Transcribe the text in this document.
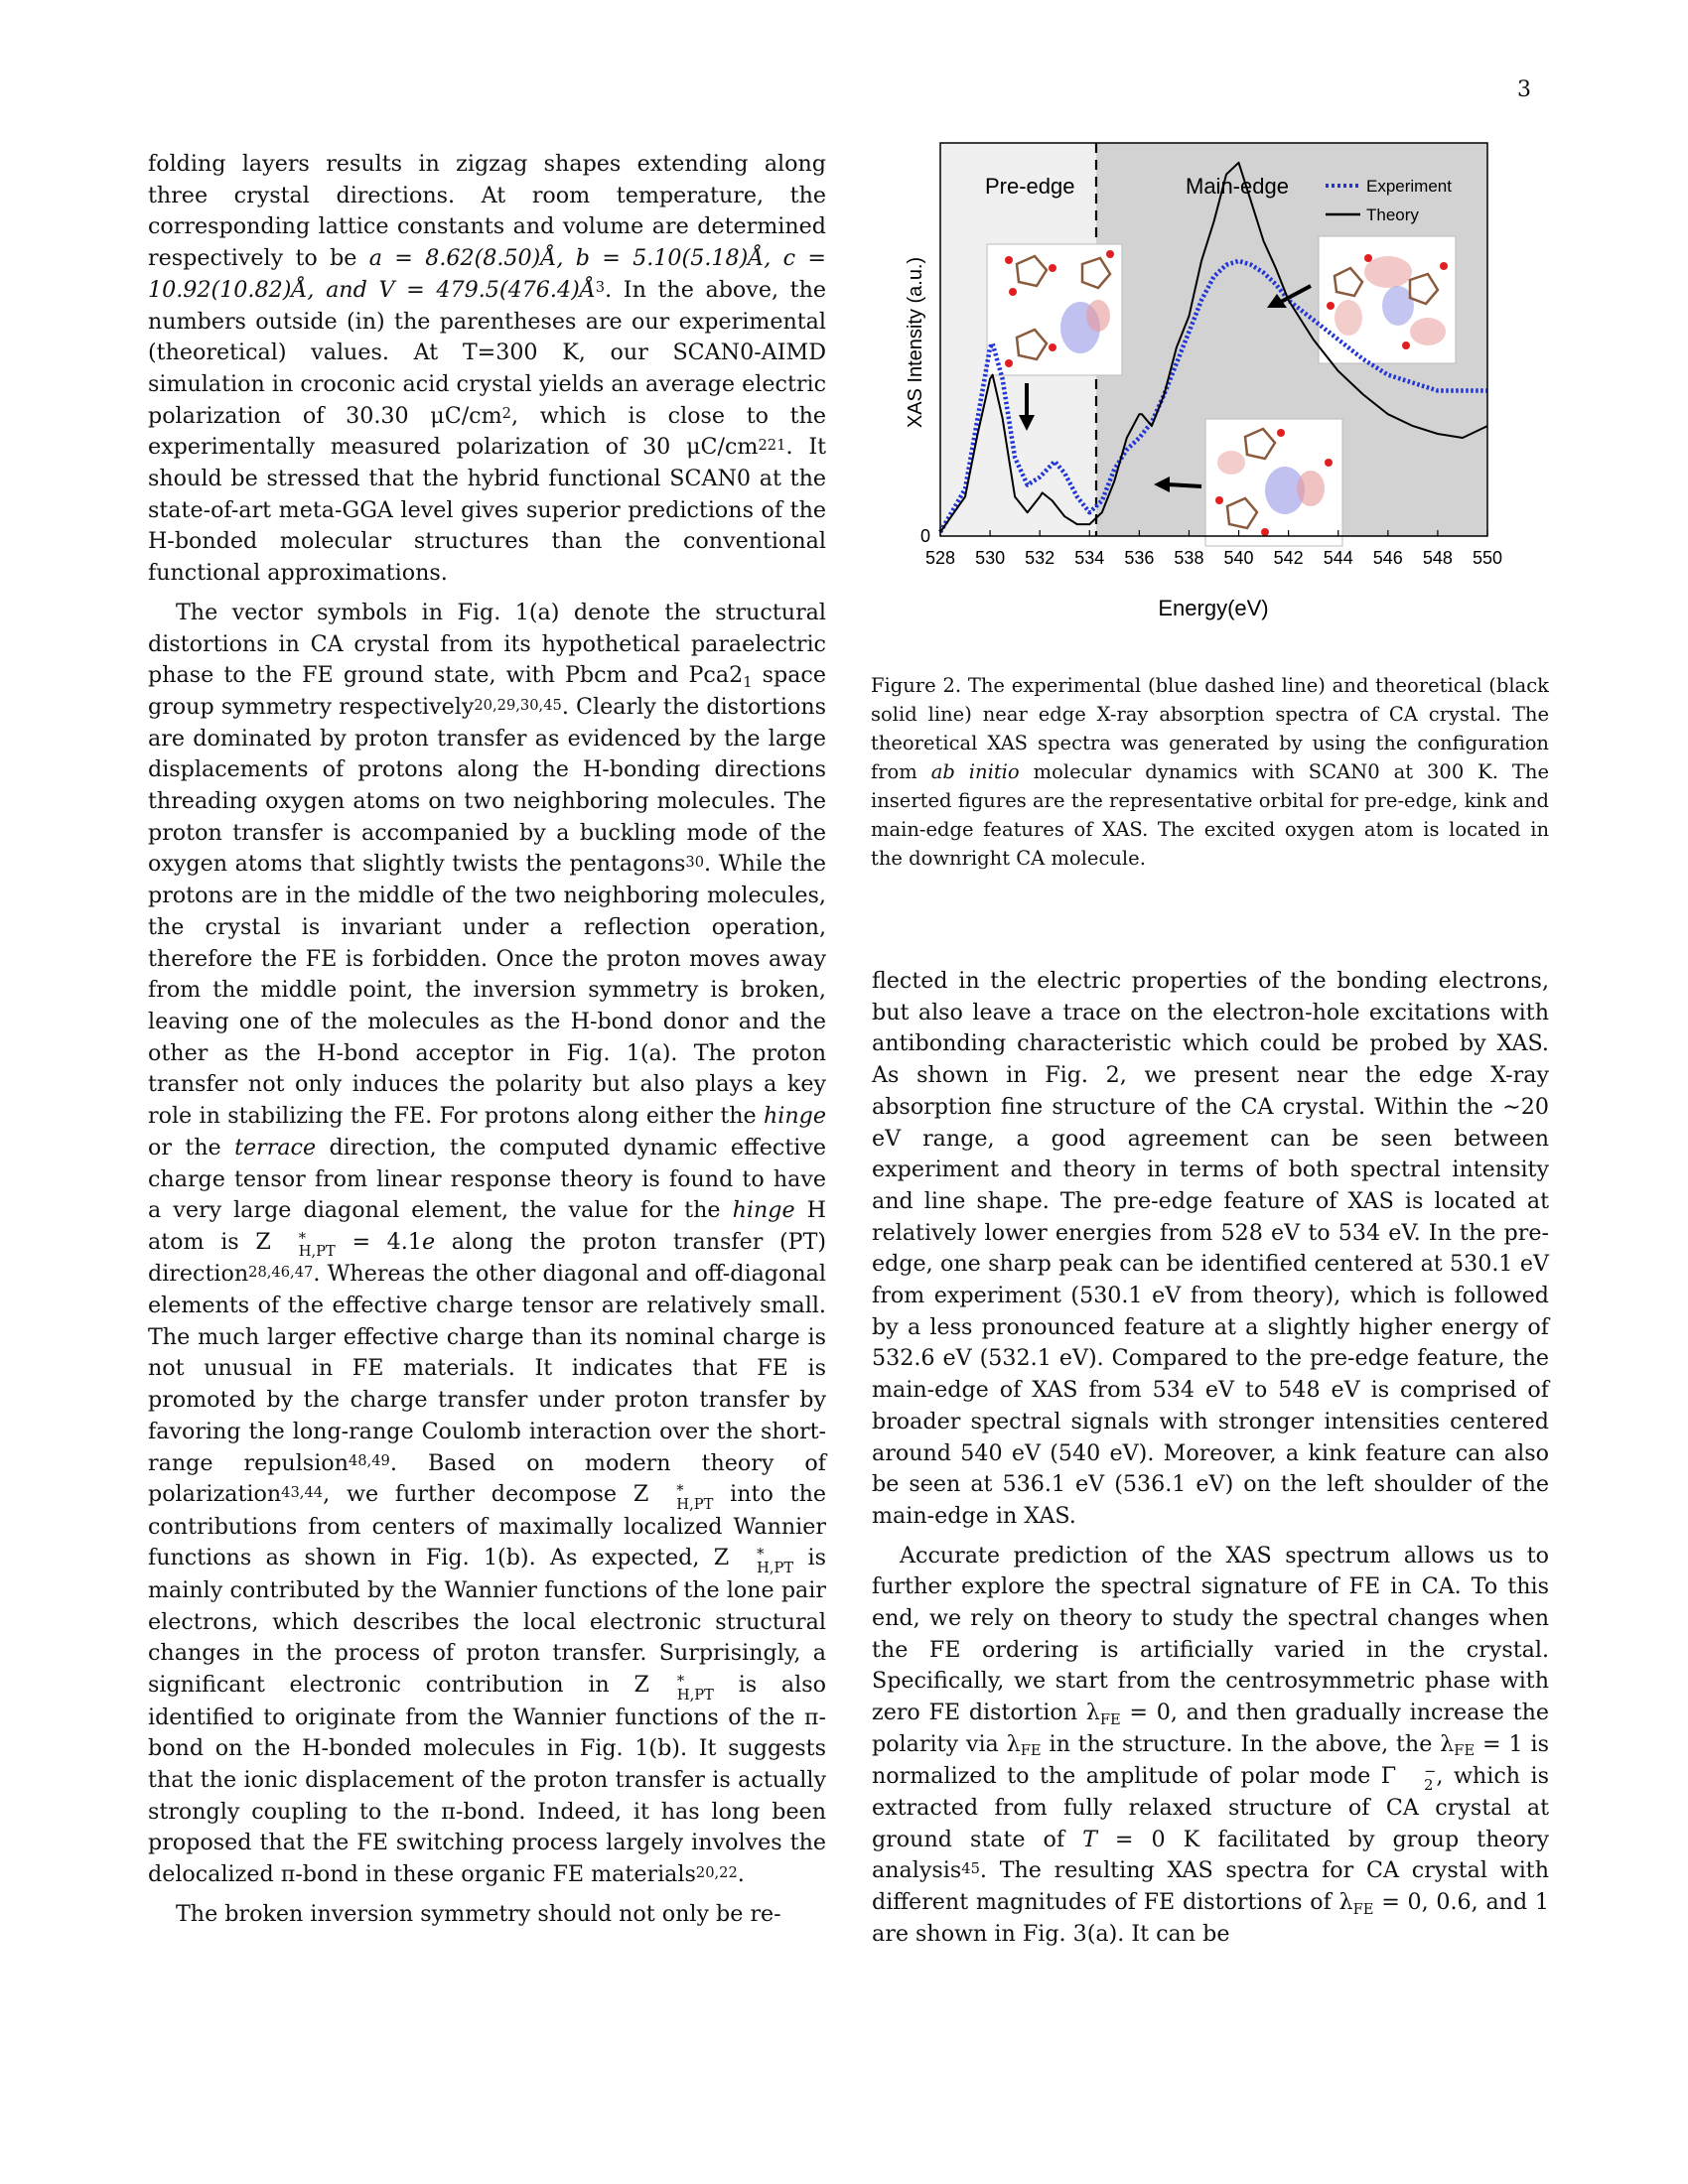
3

folding layers results in zigzag shapes extending along three crystal directions. At room temperature, the corresponding lattice constants and volume are determined respectively to be a = 8.62(8.50)Å, b = 5.10(5.18)Å, c = 10.92(10.82)Å, and $V = 479.5(476.4)Å^3$. In the above, the numbers outside (in) the parentheses are our experimental (theoretical) values. At T=300 K, our SCAN0-AIMD simulation in croconic acid crystal yields an average electric polarization of 30.30 $\mu C/cm^2$, which is close to the experimentally measured polarization of 30 $\mu C/cm^{221}$. It should be stressed that the hybrid functional SCAN0 at the state-of-art meta-GGA level gives superior predictions of the H-bonded molecular structures than the conventional functional approximations.

The vector symbols in Fig. 1(a) denote the structural distortions in CA crystal from its hypothetical paraelectric phase to the FE ground state, with Pbcm and $Pca2_1$ space group symmetry respectively$^{20,29,30,45}$. Clearly the distortions are dominated by proton transfer as evidenced by the large displacements of protons along the H-bonding directions threading oxygen atoms on two neighboring molecules. The proton transfer is accompanied by a buckling mode of the oxygen atoms that slightly twists the pentagons$^{30}$. While the protons are in the middle of the two neighboring molecules, the crystal is invariant under a reflection operation, therefore the FE is forbidden. Once the proton moves away from the middle point, the inversion symmetry is broken, leaving one of the molecules as the H-bond donor and the other as the H-bond acceptor in Fig. 1(a). The proton transfer not only induces the polarity but also plays a key role in stabilizing the FE. For protons along either the hinge or the terrace direction, the computed dynamic effective charge tensor from linear response theory is found to have a very large diagonal element, the value for the hinge H atom is Z	*
H,PT = 4.1e along the proton transfer (PT) direction$^{28,46,47}$. Whereas the other diagonal and off-diagonal elements of the effective charge tensor are relatively small. The much larger effective charge than its nominal charge is not unusual in FE materials. It indicates that FE is promoted by the charge transfer under proton transfer by favoring the long-range Coulomb interaction over the short-range repulsion$^{48,49}$. Based on modern theory of polarization$^{43,44}$, we further decompose Z	*
H,PT into the contributions from centers of maximally localized Wannier functions as shown in Fig. 1(b). As expected, Z	*
H,PT is mainly contributed by the Wannier functions of the lone pair electrons, which describes the local electronic structural changes in the process of proton transfer. Surprisingly, a significant electronic contribution in Z	*
H,PT is also identified to originate from the Wannier functions of the π-bond on the H-bonded molecules in Fig. 1(b). It suggests that the ionic displacement of the proton transfer is actually strongly coupling to the π-bond. Indeed, it has long been proposed that the FE switching process largely involves the delocalized π-bond in these organic FE materials$^{20,22}$.

The broken inversion symmetry should not only be re-

Pre-edge	Main-edge	Experiment
Theory
528 530 532 534 536 538 540 542 544 546 548 550
0
Energy(eV)
XAS Intensity (a.u.)
Figure 2. The experimental (blue dashed line) and theoretical (black solid line) near edge X-ray absorption spectra of CA crystal. The theoretical XAS spectra was generated by using the configuration from ab initio molecular dynamics with SCAN0 at 300 K. The inserted figures are the representative orbital for pre-edge, kink and main-edge features of XAS. The excited oxygen atom is located in the downright CA molecule.

flected in the electric properties of the bonding electrons, but also leave a trace on the electron-hole excitations with antibonding characteristic which could be probed by XAS. As shown in Fig. 2, we present near the edge X-ray absorption fine structure of the CA crystal. Within the ∼20 eV range, a good agreement can be seen between experiment and theory in terms of both spectral intensity and line shape. The pre-edge feature of XAS is located at relatively lower energies from 528 eV to 534 eV. In the pre-edge, one sharp peak can be identified centered at 530.1 eV from experiment (530.1 eV from theory), which is followed by a less pronounced feature at a slightly higher energy of 532.6 eV (532.1 eV). Compared to the pre-edge feature, the main-edge of XAS from 534 eV to 548 eV is comprised of broader spectral signals with stronger intensities centered around 540 eV (540 eV). Moreover, a kink feature can also be seen at 536.1 eV (536.1 eV) on the left shoulder of the main-edge in XAS.

Accurate prediction of the XAS spectrum allows us to further explore the spectral signature of FE in CA. To this end, we rely on theory to study the spectral changes when the FE ordering is artificially varied in the crystal. Specifically, we start from the centrosymmetric phase with zero FE distortion $\lambda_{FE} = 0$, and then gradually increase the polarity via $\lambda_{FE}$ in the structure. In the above, the $\lambda_{FE} = 1$ is normalized to the amplitude of polar mode Γ	−
2 , which is extracted from fully relaxed structure of CA crystal at ground state of T = 0 K facilitated by group theory analysis$^{45}$. The resulting XAS spectra for CA crystal with different magnitudes of FE distortions of $\lambda_{FE} = 0$, 0.6, and 1 are shown in Fig. 3(a). It can be
